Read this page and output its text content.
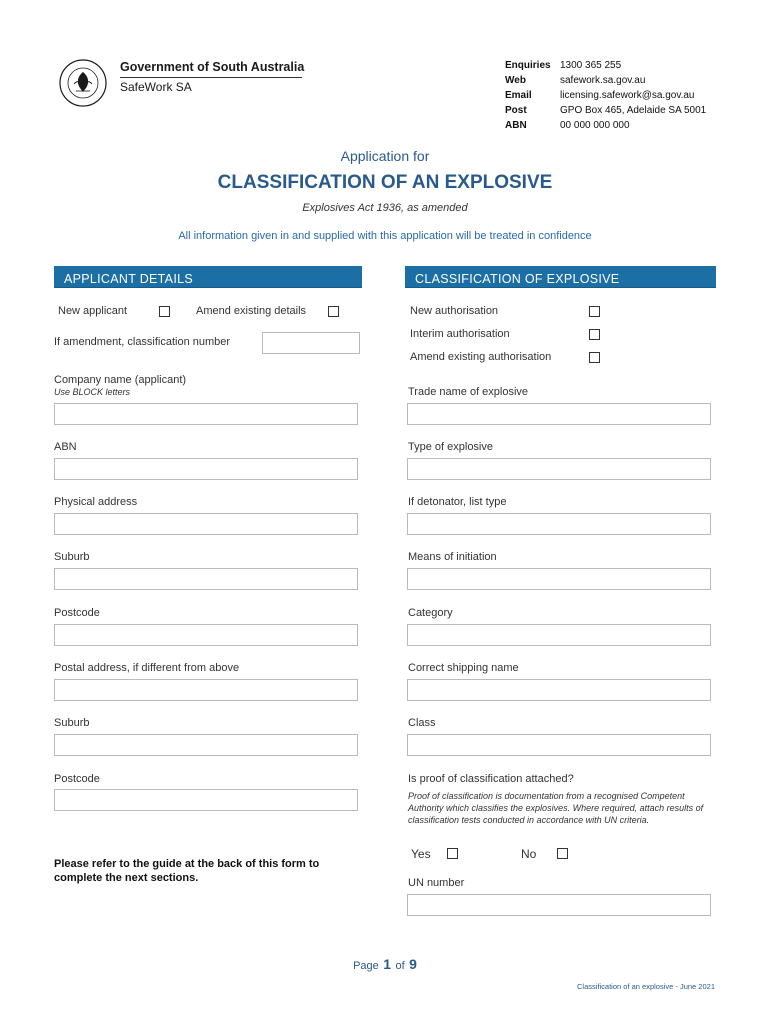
Government of South Australia
SafeWork SA
Enquiries 1300 365 255
Web	safework.sa.gov.au
Email	licensing.safework@sa.gov.au
Post	GPO Box 465, Adelaide SA 5001
ABN	00 000 000 000
Application for
CLASSIFICATION OF AN EXPLOSIVE
Explosives Act 1936, as amended
All information given in and supplied with this application will be treated in confidence
APPLICANT DETAILS
New applicant	Amend existing details
If amendment, classification number
Company name (applicant)
Use BLOCK letters
ABN
Physical address
Suburb
Postcode
Postal address, if different from above
Suburb
Postcode
Please refer to the guide at the back of this form to complete the next sections.
CLASSIFICATION OF EXPLOSIVE
New authorisation
Interim authorisation
Amend existing authorisation
Trade name of explosive
Type of explosive
If detonator, list type
Means of initiation
Category
Correct shipping name
Class
Is proof of classification attached?
Proof of classification is documentation from a recognised Competent Authority which classifies the explosives. Where required, attach results of classification tests conducted in accordance with UN criteria.
Yes	No
UN number
Page 1 of 9
Classification of an explosive - June 2021
